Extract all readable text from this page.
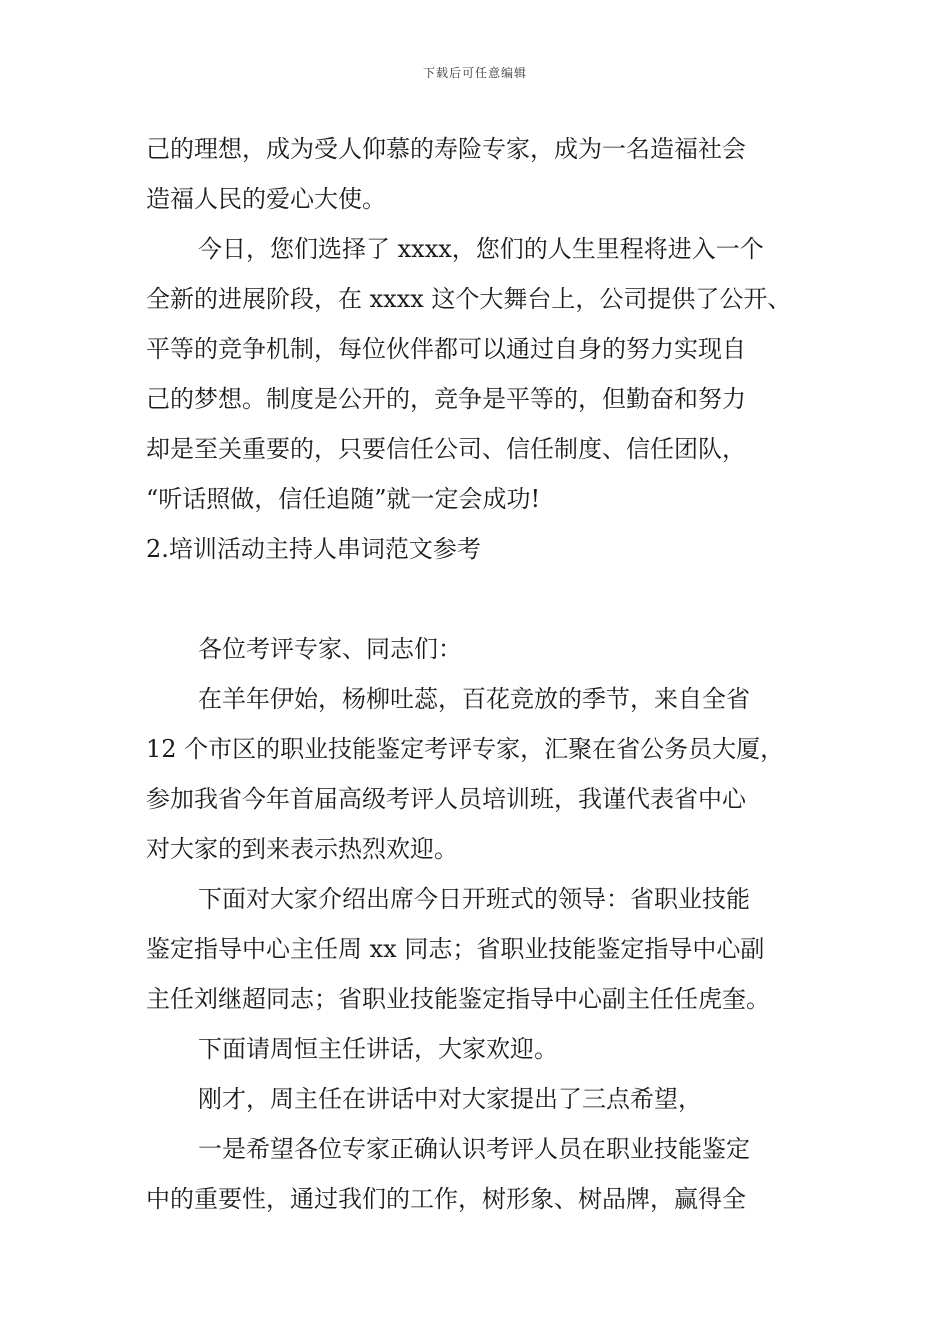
下载后可任意编辑
己的理想，成为受人仰慕的寿险专家，成为一名造福社会
造福人民的爱心大使。
今日，您们选择了 xxxx，您们的人生里程将进入一个
全新的进展阶段，在 xxxx 这个大舞台上，公司提供了公开、
平等的竞争机制，每位伙伴都可以通过自身的努力实现自
己的梦想。制度是公开的，竞争是平等的，但勤奋和努力
却是至关重要的，只要信任公司、信任制度、信任团队，
“听话照做，信任追随”就一定会成功!
2.培训活动主持人串词范文参考
各位考评专家、同志们：
在羊年伊始，杨柳吐蕊，百花竞放的季节，来自全省
12 个市区的职业技能鉴定考评专家，汇聚在省公务员大厦，
参加我省今年首届高级考评人员培训班，我谨代表省中心
对大家的到来表示热烈欢迎。
下面对大家介绍出席今日开班式的领导：省职业技能
鉴定指导中心主任周 xx 同志；省职业技能鉴定指导中心副
主任刘继超同志；省职业技能鉴定指导中心副主任任虎奎。
下面请周恒主任讲话，大家欢迎。
刚才，周主任在讲话中对大家提出了三点希望，
一是希望各位专家正确认识考评人员在职业技能鉴定
中的重要性，通过我们的工作，树形象、树品牌，赢得全
